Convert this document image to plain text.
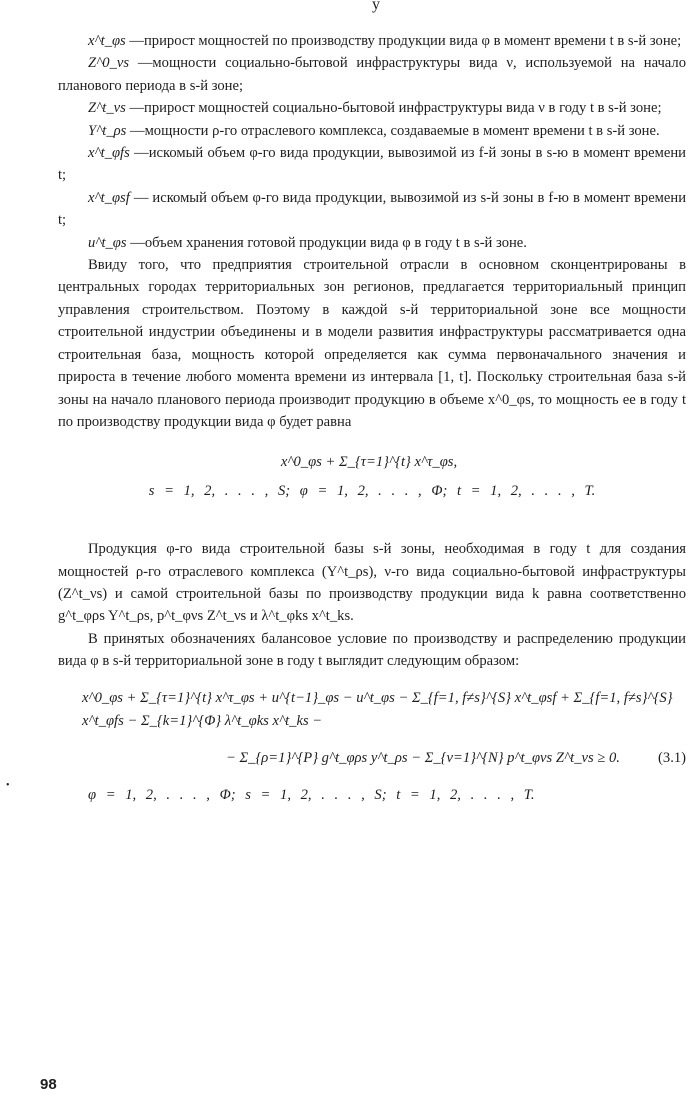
у
•

x^t_φs —прирост мощностей по производству продукции вида φ в момент времени t в s-й зоне;

Z^0_νs —мощности социально-бытовой инфраструктуры вида ν, используемой на начало планового периода в s-й зоне;

Z^t_νs —прирост мощностей социально-бытовой инфраструктуры вида ν в году t в s-й зоне;

Y^t_ρs —мощности ρ-го отраслевого комплекса, создаваемые в момент времени t в s-й зоне.

x^t_φfs —искомый объем φ-го вида продукции, вывозимой из f-й зоны в s-ю в момент времени t;

x^t_φsf — искомый объем φ-го вида продукции, вывозимой из s-й зоны в f-ю в момент времени t;

u^t_φs —объем хранения готовой продукции вида φ в году t в s-й зоне.

Ввиду того, что предприятия строительной отрасли в основном сконцентрированы в центральных городах территориальных зон регионов, предлагается территориальный принцип управления строительством. Поэтому в каждой s-й территориальной зоне все мощности строительной индустрии объединены и в модели развития инфраструктуры рассматривается одна строительная база, мощность которой определяется как сумма первоначального значения и прироста в течение любого момента времени из интервала [1, t]. Поскольку строительная база s-й зоны на начало планового периода производит продукцию в объеме x^0_φs, то мощность ее в году t по производству продукции вида φ будет равна

x^0_φs + Σ_{τ=1}^{t} x^τ_φs,

s = 1, 2, . . . , S; φ = 1, 2, . . . , Φ; t = 1, 2, . . . , T.

Продукция φ-го вида строительной базы s-й зоны, необходимая в году t для создания мощностей ρ-го отраслевого комплекса (Y^t_ρs), ν-го вида социально-бытовой инфраструктуры (Z^t_νs) и самой строительной базы по производству продукции вида k равна соответственно g^t_φρs Y^t_ρs, p^t_φνs Z^t_νs и λ^t_φks x^t_ks.

В принятых обозначениях балансовое условие по производству и распределению продукции вида φ в s-й территориальной зоне в году t выглядит следующим образом:

x^0_φs + Σ_{τ=1}^{t} x^τ_φs + u^{t−1}_φs − u^t_φs − Σ_{f=1, f≠s}^{S} x^t_φsf + Σ_{f=1, f≠s}^{S} x^t_φfs − Σ_{k=1}^{Φ} λ^t_φks x^t_ks −

− Σ_{ρ=1}^{P} g^t_φρs y^t_ρs − Σ_{ν=1}^{N} p^t_φνs Z^t_νs ≥ 0.	(3.1)

φ = 1, 2, . . . , Φ; s = 1, 2, . . . , S; t = 1, 2, . . . , T.

98
